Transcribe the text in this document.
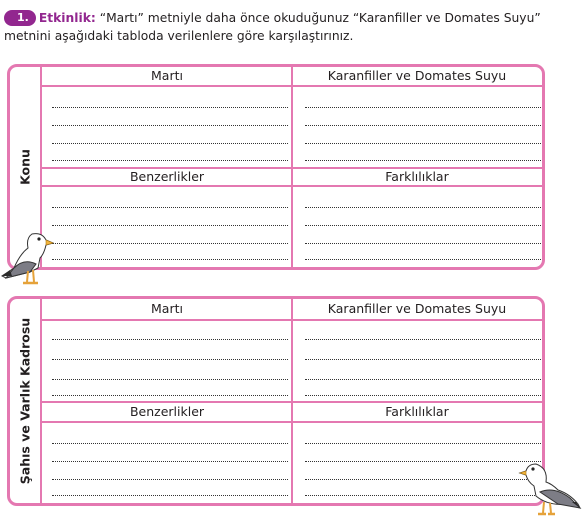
1. Etkinlik: “Martı” metniyle daha önce okuduğunuz “Karanfiller ve Domates Suyu” metnini aşağıdaki tabloda verilenlere göre karşılaştırınız.
Konu
Martı	Karanfiller ve Domates Suyu
Benzerlikler	Farklılıklar
Şahıs ve Varlık Kadrosu
Martı	Karanfiller ve Domates Suyu
Benzerlikler	Farklılıklar
